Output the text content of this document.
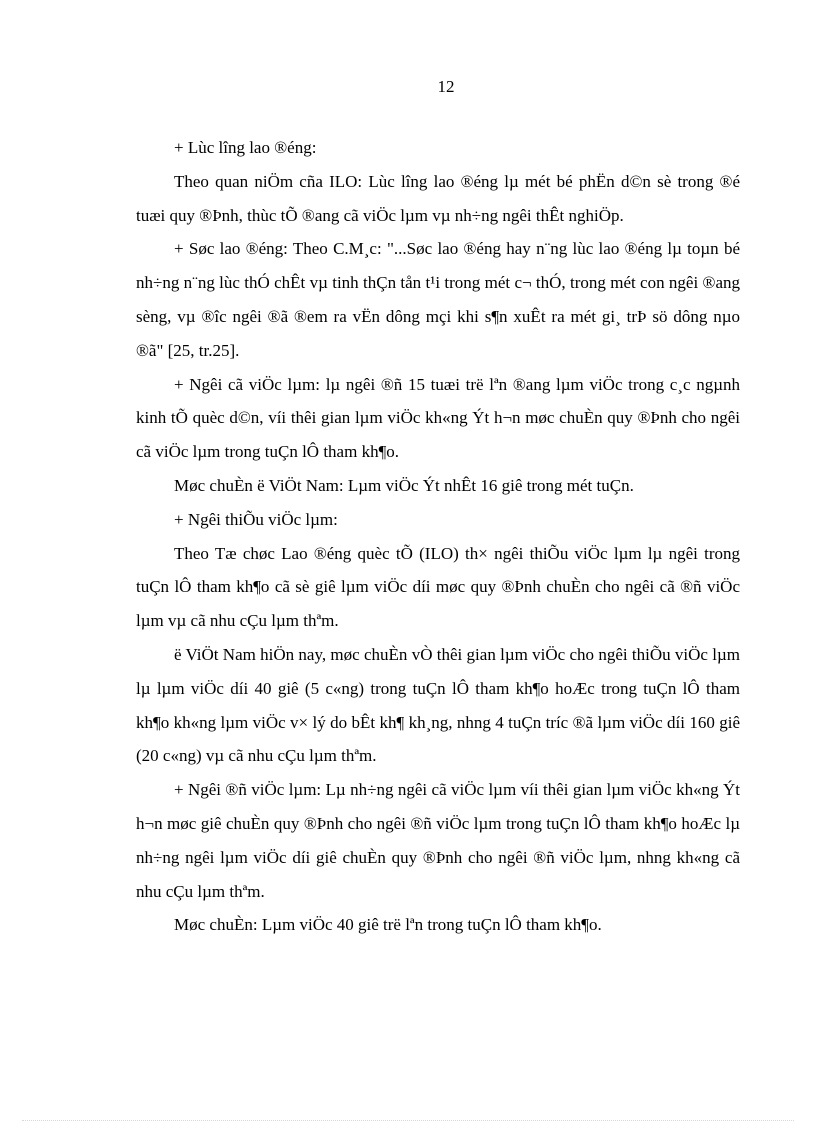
12

+ Lùc lîng lao ®éng:

Theo quan niÖm cña ILO: Lùc lîng lao ®éng lµ mét bé phËn d©n sè trong ®é tuæi quy ®Þnh, thùc tÕ ®ang cã viÖc lµm vµ nh÷ng ngêi thÊt nghiÖp.

+ Søc lao ®éng: Theo C.M¸c: "...Søc lao ®éng hay n¨ng lùc lao ®éng lµ toµn bé nh÷ng n¨ng lùc thÓ chÊt vµ tinh thÇn tån t¹i trong mét c¬ thÓ, trong mét con ngêi ®ang sèng, vµ ®îc ngêi ®ã ®em ra vËn dông mçi khi s¶n xuÊt ra mét gi¸ trÞ sö dông nµo ®ã" [25, tr.25].

+ Ngêi cã viÖc lµm: lµ ngêi ®ñ 15 tuæi trë lªn ®ang lµm viÖc trong c¸c ngµnh kinh tÕ quèc d©n, víi thêi gian lµm viÖc kh«ng Ýt h¬n møc chuÈn quy ®Þnh cho ngêi cã viÖc lµm trong tuÇn lÔ tham kh¶o.

Møc chuÈn ë ViÖt Nam: Lµm viÖc Ýt nhÊt 16 giê trong mét tuÇn.

+ Ngêi thiÕu viÖc lµm:

Theo Tæ chøc Lao ®éng quèc tÕ (ILO) th× ngêi thiÕu viÖc lµm lµ ngêi trong tuÇn lÔ tham kh¶o cã sè giê lµm viÖc díi møc quy ®Þnh chuÈn cho ngêi cã ®ñ viÖc lµm vµ cã nhu cÇu lµm thªm.

ë ViÖt Nam hiÖn nay, møc chuÈn vÒ thêi gian lµm viÖc cho ngêi thiÕu viÖc lµm lµ lµm viÖc díi 40 giê (5 c«ng) trong tuÇn lÔ tham kh¶o hoÆc trong tuÇn lÔ tham kh¶o kh«ng lµm viÖc v× lý do bÊt kh¶ kh¸ng, nhng 4 tuÇn tríc ®ã lµm viÖc díi 160 giê (20 c«ng) vµ cã nhu cÇu lµm thªm.

+ Ngêi ®ñ viÖc lµm: Lµ nh÷ng ngêi cã viÖc lµm víi thêi gian lµm viÖc kh«ng Ýt h¬n møc giê chuÈn quy ®Þnh cho ngêi ®ñ viÖc lµm trong tuÇn lÔ tham kh¶o hoÆc lµ nh÷ng ngêi lµm viÖc díi giê chuÈn quy ®Þnh cho ngêi ®ñ viÖc lµm, nhng kh«ng cã nhu cÇu lµm thªm.

Møc chuÈn: Lµm viÖc 40 giê trë lªn trong tuÇn lÔ tham kh¶o.
